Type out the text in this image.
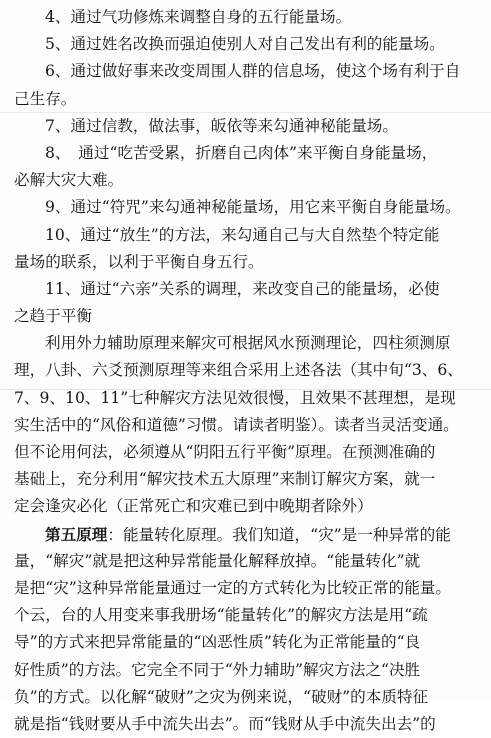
4、通过气功修炼来调整自身的五行能量场。
5、通过姓名改换而强迫使别人对自己发出有利的能量场。
6、通过做好事来改变周围人群的信息场，使这个场有利于自
己生存。
7、通过信教，做法事，皈依等来勾通神秘能量场。
8、　通过“吃苦受累，折磨自己肉体”来平衡自身能量场，
必解大灾大难。
9、通过“符咒”来勾通神秘能量场，用它来平衡自身能量场。
10、通过“放生”的方法，来勾通自己与大自然垫个特定能
量场的联系，以利于平衡自身五行。
11、通过“六亲”关系的调理，来改变自己的能量场，必使
之趋于平衡
利用外力辅助原理来解灾可根据风水预测理论，四柱须测原
理，八卦、六爻预测原理等来组合采用上述各法（其中旬“3、6、
7、9、10、11”七种解灾方法见效很慢，且效果不甚理想，是现
实生活中的“风俗和道德”习惯。请读者明鉴）。读者当灵活变通。
但不论用何法，必须遵从“阴阳五行平衡”原理。在预测准确的
基础上，充分利用“解灾技术五大原理”来制订解灾方案，就一
定会逢灾必化（正常死亡和灾难已到中晚期者除外）
第五原理：能量转化原理。我们知道，“灾”是一种异常的能
量，“解灾”就是把这种异常能量化解释放掉。“能量转化”就
是把“灾”这种异常能量通过一定的方式转化为比较正常的能量。
个云，台的人用变来事我册场“能量转化”的解灾方法是用“疏
导”的方式来把异常能量的“凶恶性质”转化为正常能量的“良
好性质”的方法。它完全不同于“外力辅助”解灾方法之“决胜
负”的方式。以化解“破财”之灾为例来说，“破财”的本质特征
就是指“钱财要从手中流失出去”。而“钱财从手中流失出去”的
